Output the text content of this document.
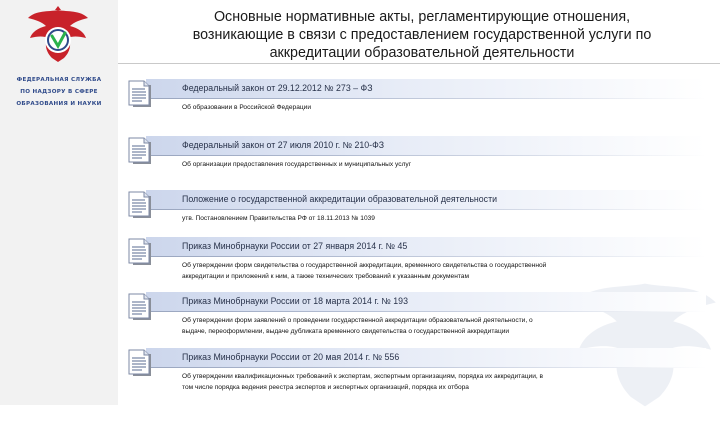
ФЕДЕРАЛЬНАЯ СЛУЖБА
ПО НАДЗОРУ В СФЕРЕ
ОБРАЗОВАНИЯ И НАУКИ
Основные нормативные акты, регламентирующие отношения,
возникающие в связи с предоставлением государственной услуги по
аккредитации образовательной деятельности
Федеральный закон от 29.12.2012 № 273 – ФЗ
Об образовании в Российской Федерации
Федеральный закон от 27 июля 2010 г. № 210-ФЗ
Об организации предоставления государственных и муниципальных услуг
Положение о государственной аккредитации образовательной деятельности
утв. Постановлением Правительства РФ от 18.11.2013 № 1039
Приказ Минобрнауки России от 27 января 2014 г. № 45
Об утверждении форм свидетельства о государственной аккредитации, временного свидетельства о государственной
аккредитации и приложений к ним, а также технических требований к указанным документам
Приказ Минобрнауки России от 18 марта 2014 г. № 193
Об утверждении форм заявлений о проведении государственной аккредитации образовательной деятельности, о
выдаче, переоформлении, выдаче дубликата временного свидетельства о государственной аккредитации
Приказ Минобрнауки России от 20 мая 2014 г. № 556
Об утверждении квалификационных требований к экспертам, экспертным организациям, порядка их аккредитации, в
том числе порядка ведения реестра экспертов и экспертных организаций, порядка их отбора
